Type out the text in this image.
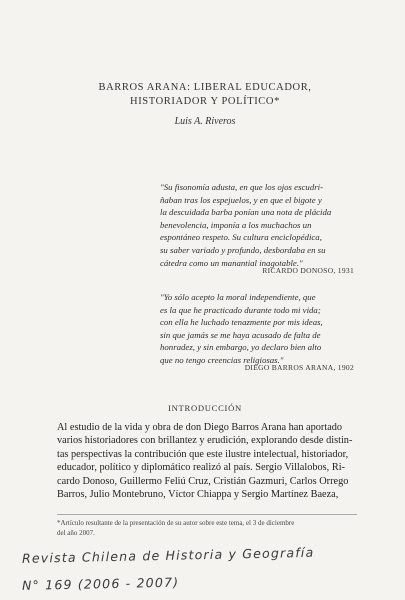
BARROS ARANA: LIBERAL EDUCADOR,
HISTORIADOR Y POLÍTICO*
Luis A. Riveros
"Su fisonomía adusta, en que los ojos escudri-
ñaban tras los espejuelos, y en que el bigote y
la descuidada barba ponían una nota de plácida
benevolencia, imponía a los muchachos un
espontáneo respeto. Su cultura enciclopédica,
su saber variado y profundo, desbordaba en su
cátedra como un manantial inagotable."
RICARDO DONOSO, 1931
"Yo sólo acepto la moral independiente, que
es la que he practicado durante todo mi vida;
con ella he luchado tenazmente por mis ideas,
sin que jamás se me haya acusado de falta de
honradez, y sin embargo, yo declaro bien alto
que no tengo creencias religiosas."
DIEGO BARROS ARANA, 1902
INTRODUCCIÓN
Al estudio de la vida y obra de don Diego Barros Arana han aportado
varios historiadores con brillantez y erudición, explorando desde distin-
tas perspectivas la contribución que este ilustre intelectual, historiador,
educador, político y diplomático realizó al país. Sergio Villalobos, Ri-
cardo Donoso, Guillermo Feliú Cruz, Cristián Gazmuri, Carlos Orrego
Barros, Julio Montebruno, Víctor Chiappa y Sergio Martínez Baeza,
*Artículo resultante de la presentación de su autor sobre este tema, el 3 de diciembre
del año 2007.
Revista Chilena de Historia y Geografía
N° 169 (2006 - 2007)
